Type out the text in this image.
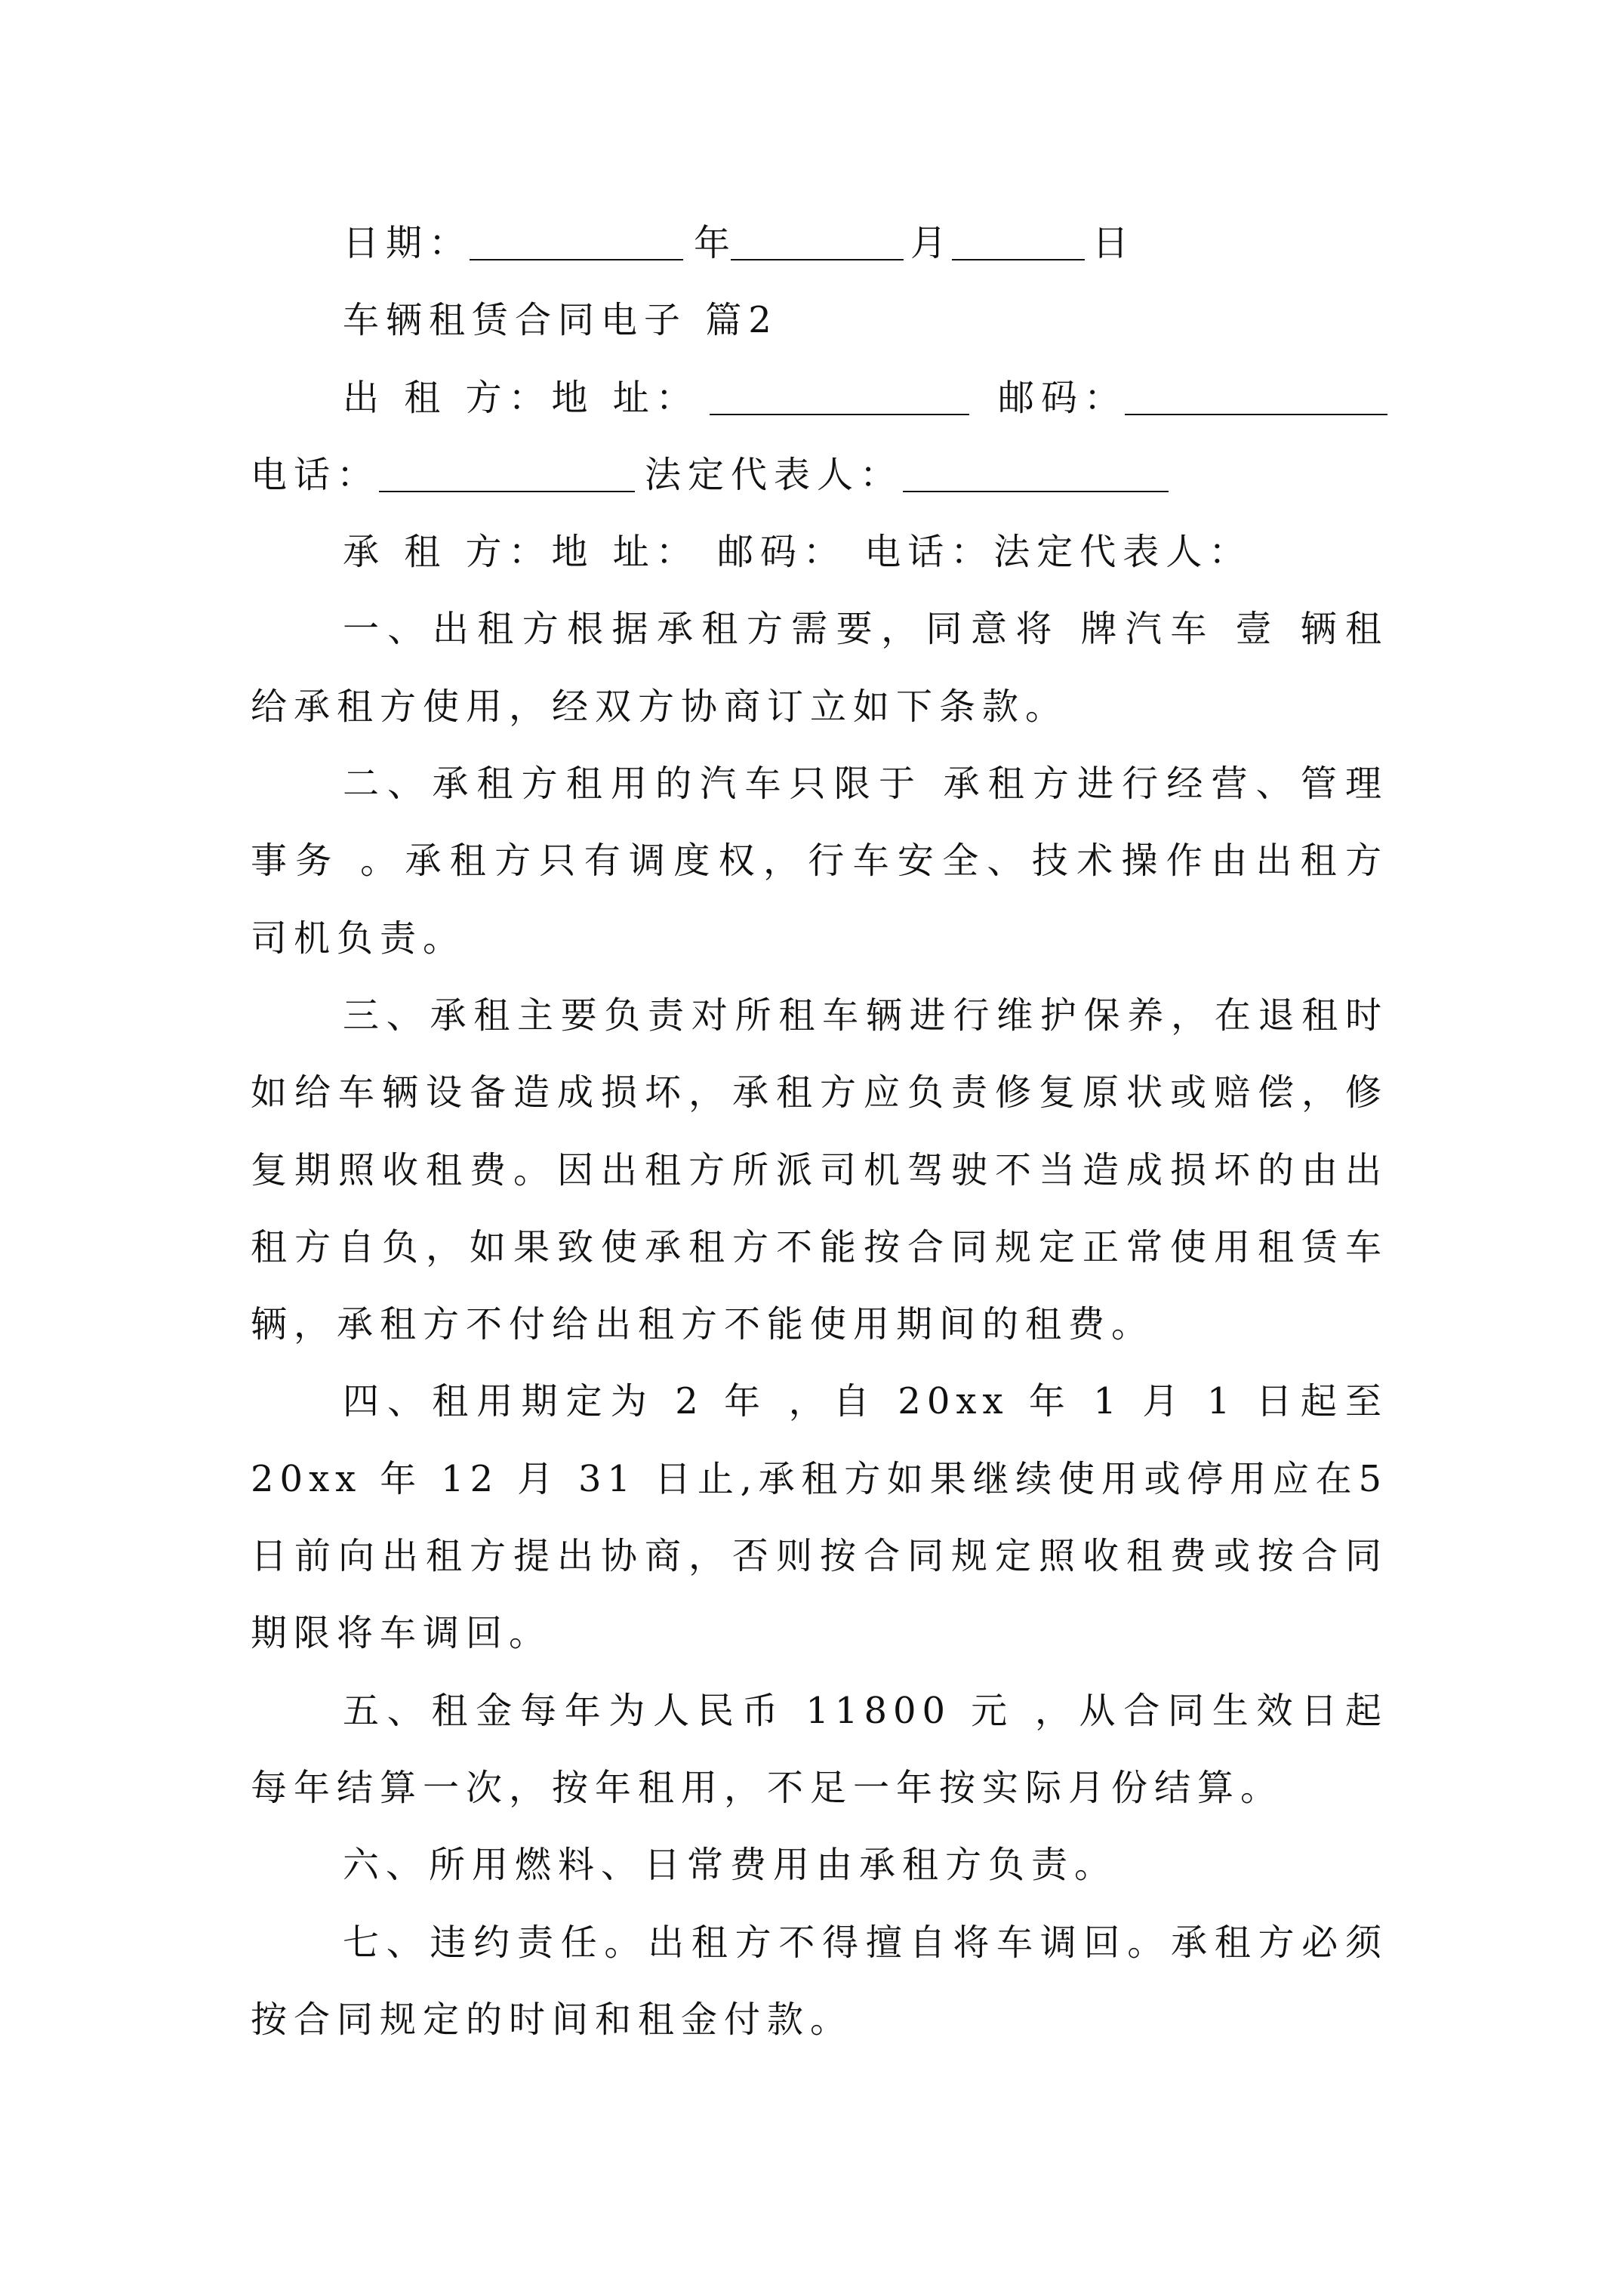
日期：	年	月	日
车辆租赁合同电子 篇2
出 租 方：地 址：	邮码：
电话：	法定代表人：
承 租 方：地 址： 邮码： 电话：法定代表人：
一、出租方根据承租方需要，同意将 牌汽车 壹 辆租
给承租方使用，经双方协商订立如下条款。
二、承租方租用的汽车只限于 承租方进行经营、管理
事务 。承租方只有调度权，行车安全、技术操作由出租方
司机负责。
三、承租主要负责对所租车辆进行维护保养，在退租时
如给车辆设备造成损坏，承租方应负责修复原状或赔偿，修
复期照收租费。因出租方所派司机驾驶不当造成损坏的由出
租方自负，如果致使承租方不能按合同规定正常使用租赁车
辆，承租方不付给出租方不能使用期间的租费。
四、租用期定为 2 年 ，自 20xx 年 1 月 1 日起至
20xx 年 12 月 31 日止,承租方如果继续使用或停用应在5
日前向出租方提出协商，否则按合同规定照收租费或按合同
期限将车调回。
五、租金每年为人民币 11800 元 ，从合同生效日起
每年结算一次，按年租用，不足一年按实际月份结算。
六、所用燃料、日常费用由承租方负责。
七、违约责任。出租方不得擅自将车调回。承租方必须
按合同规定的时间和租金付款。
